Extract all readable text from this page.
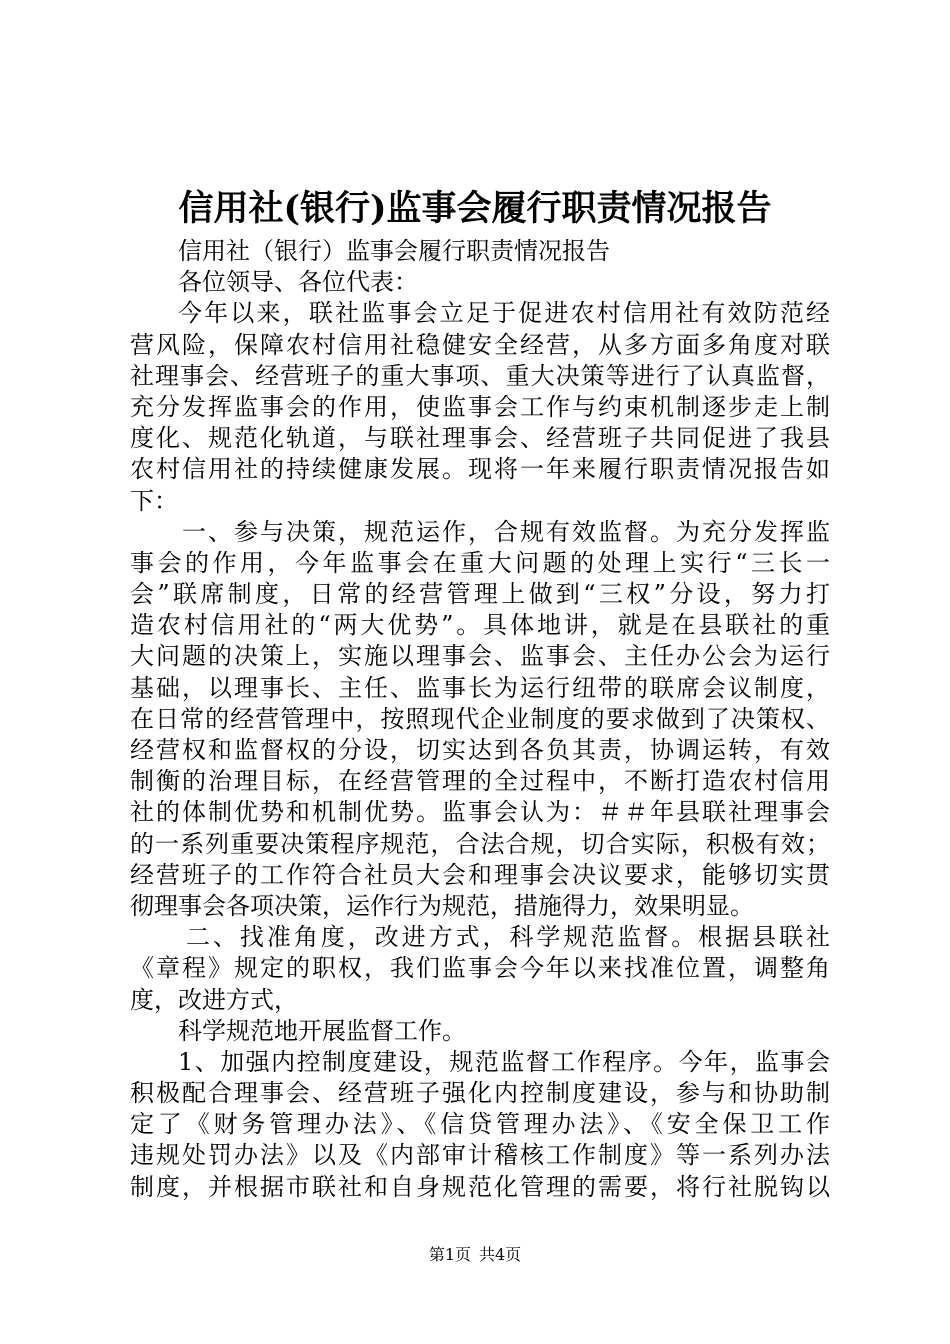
信用社(银行)监事会履行职责情况报告
信用社（银行）监事会履行职责情况报告
各位领导、各位代表：
今年以来，联社监事会立足于促进农村信用社有效防范经
营风险，保障农村信用社稳健安全经营，从多方面多角度对联
社理事会、经营班子的重大事项、重大决策等进行了认真监督，
充分发挥监事会的作用，使监事会工作与约束机制逐步走上制
度化、规范化轨道，与联社理事会、经营班子共同促进了我县
农村信用社的持续健康发展。现将一年来履行职责情况报告如
下：
一、参与决策，规范运作，合规有效监督。为充分发挥监
事会的作用，今年监事会在重大问题的处理上实行“三长一
会”联席制度，日常的经营管理上做到“三权”分设，努力打
造农村信用社的“两大优势”。具体地讲，就是在县联社的重
大问题的决策上，实施以理事会、监事会、主任办公会为运行
基础，以理事长、主任、监事长为运行纽带的联席会议制度，
在日常的经营管理中，按照现代企业制度的要求做到了决策权、
经营权和监督权的分设，切实达到各负其责，协调运转，有效
制衡的治理目标，在经营管理的全过程中，不断打造农村信用
社的体制优势和机制优势。监事会认为：＃＃年县联社理事会
的一系列重要决策程序规范，合法合规，切合实际，积极有效；
经营班子的工作符合社员大会和理事会决议要求，能够切实贯
彻理事会各项决策，运作行为规范，措施得力，效果明显。
二、找准角度，改进方式，科学规范监督。根据县联社
《章程》规定的职权，我们监事会今年以来找准位置，调整角
度，改进方式，
科学规范地开展监督工作。
1、加强内控制度建设，规范监督工作程序。今年，监事会
积极配合理事会、经营班子强化内控制度建设，参与和协助制
定了《财务管理办法》、《信贷管理办法》、《安全保卫工作
违规处罚办法》以及《内部审计稽核工作制度》等一系列办法
制度，并根据市联社和自身规范化管理的需要，将行社脱钩以
第1页 共4页
